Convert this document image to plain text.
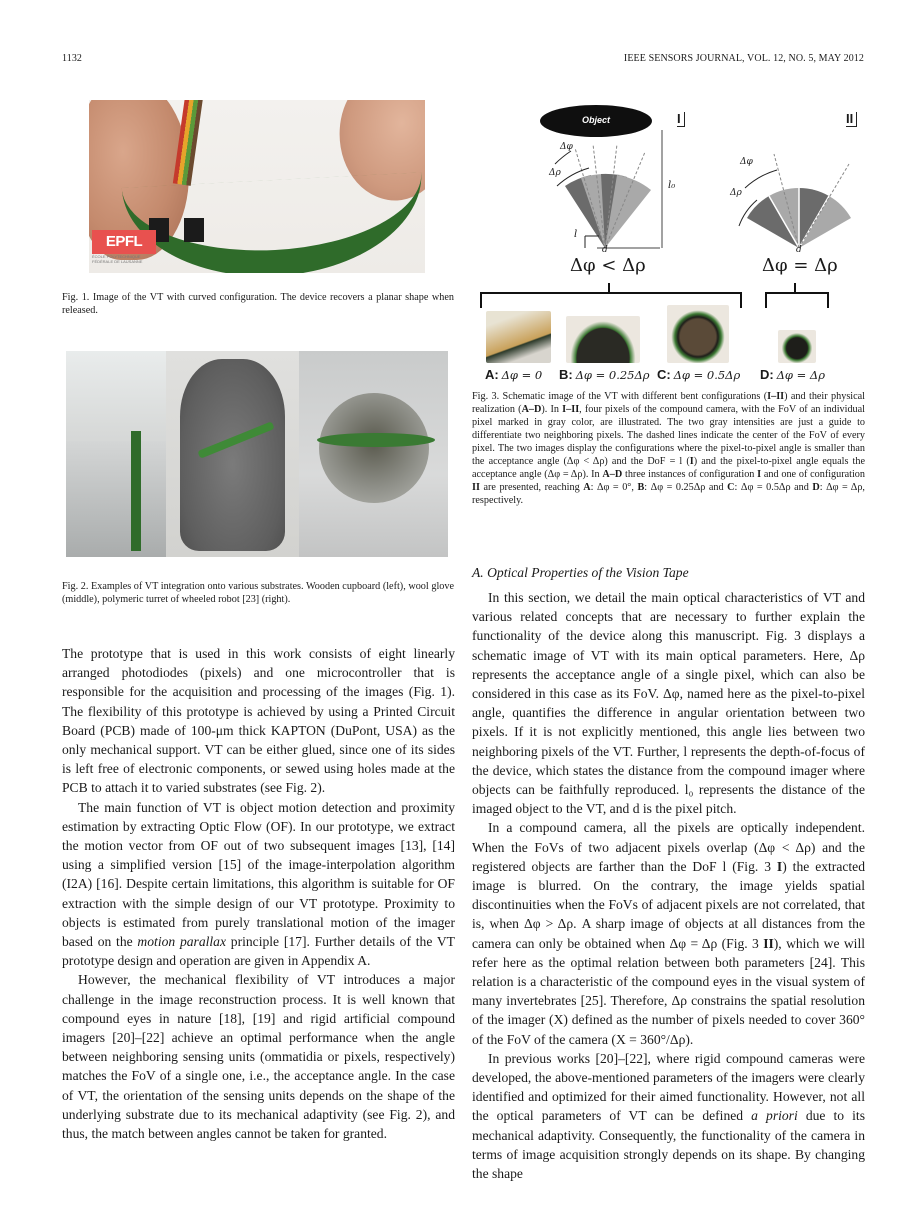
1132	IEEE SENSORS JOURNAL, VOL. 12, NO. 5, MAY 2012
EPFL
ÉCOLE POLYTECHNIQUE
FÉDÉRALE DE LAUSANNE
Fig. 1. Image of the VT with curved configuration. The device recovers a planar shape when released.
Fig. 2. Examples of VT integration onto various substrates. Wooden cupboard (left), wool glove (middle), polymeric turret of wheeled robot [23] (right).
Object	I	II
Δφ
Δρ
l₀
l
d
Δφ
Δρ
d
Δφ < Δρ	Δφ = Δρ
A: Δφ = 0 B: Δφ = 0.25Δρ C: Δφ = 0.5Δρ D: Δφ = Δρ
Fig. 3. Schematic image of the VT with different bent configurations (I–II) and their physical realization (A–D). In I–II, four pixels of the compound camera, with the FoV of an individual pixel marked in gray color, are illustrated. The two gray intensities are just a guide to differentiate two neighboring pixels. The dashed lines indicate the center of the FoV of every pixel. The two images display the configurations where the pixel-to-pixel angle is smaller than the acceptance angle (Δφ < Δρ) and the DoF = l (I) and the pixel-to-pixel angle equals the acceptance angle (Δφ = Δρ). In A–D three instances of configuration I and one of configuration II are presented, reaching A: Δφ = 0°, B: Δφ = 0.25Δρ and C: Δφ = 0.5Δρ and D: Δφ = Δρ, respectively.

The prototype that is used in this work consists of eight linearly arranged photodiodes (pixels) and one microcontroller that is responsible for the acquisition and processing of the images (Fig. 1). The flexibility of this prototype is achieved by using a Printed Circuit Board (PCB) made of 100-μm thick KAPTON (DuPont, USA) as the only mechanical support. VT can be either glued, since one of its sides is left free of electronic components, or sewed using holes made at the PCB to attach it to varied substrates (see Fig. 2).

The main function of VT is object motion detection and proximity estimation by extracting Optic Flow (OF). In our prototype, we extract the motion vector from OF out of two subsequent images [13], [14] using a simplified version [15] of the image-interpolation algorithm (I2A) [16]. Despite certain limitations, this algorithm is suitable for OF extraction with the simple design of our VT prototype. Proximity to objects is estimated from purely translational motion of the imager based on the motion parallax principle [17]. Further details of the VT prototype design and operation are given in Appendix A.

However, the mechanical flexibility of VT introduces a major challenge in the image reconstruction process. It is well known that compound eyes in nature [18], [19] and rigid artificial compound imagers [20]–[22] achieve an optimal performance when the angle between neighboring sensing units (ommatidia or pixels, respectively) matches the FoV of a single one, i.e., the acceptance angle. In the case of VT, the orientation of the sensing units depends on the shape of the underlying substrate due to its mechanical adaptivity (see Fig. 2), and thus, the match between angles cannot be taken for granted.

A. Optical Properties of the Vision Tape

In this section, we detail the main optical characteristics of VT and various related concepts that are necessary to further explain the functionality of the device along this manuscript. Fig. 3 displays a schematic image of VT with its main optical parameters. Here, Δρ represents the acceptance angle of a single pixel, which can also be considered in this case as its FoV. Δφ, named here as the pixel-to-pixel angle, quantifies the difference in angular orientation between two pixels. If it is not explicitly mentioned, this angle lies between two neighboring pixels of the VT. Further, l represents the depth-of-focus of the device, which states the distance from the compound imager where objects can be faithfully reproduced. l₀ represents the distance of the imaged object to the VT, and d is the pixel pitch.

In a compound camera, all the pixels are optically independent. When the FoVs of two adjacent pixels overlap (Δφ < Δρ) and the registered objects are farther than the DoF l (Fig. 3 I) the extracted image is blurred. On the contrary, the image yields spatial discontinuities when the FoVs of adjacent pixels are not correlated, that is, when Δφ > Δρ. A sharp image of objects at all distances from the camera can only be obtained when Δφ = Δρ (Fig. 3 II), which we will refer here as the optimal relation between both parameters [24]. This relation is a characteristic of the compound eyes in the visual system of many invertebrates [25]. Therefore, Δρ constrains the spatial resolution of the imager (X) defined as the number of pixels needed to cover 360° of the FoV of the camera (X = 360°/Δρ).

In previous works [20]–[22], where rigid compound cameras were developed, the above-mentioned parameters of the imagers were clearly identified and optimized for their aimed functionality. However, not all the optical parameters of VT can be defined a priori due to its mechanical adaptivity. Consequently, the functionality of the camera in terms of image acquisition strongly depends on its shape. By changing the shape
